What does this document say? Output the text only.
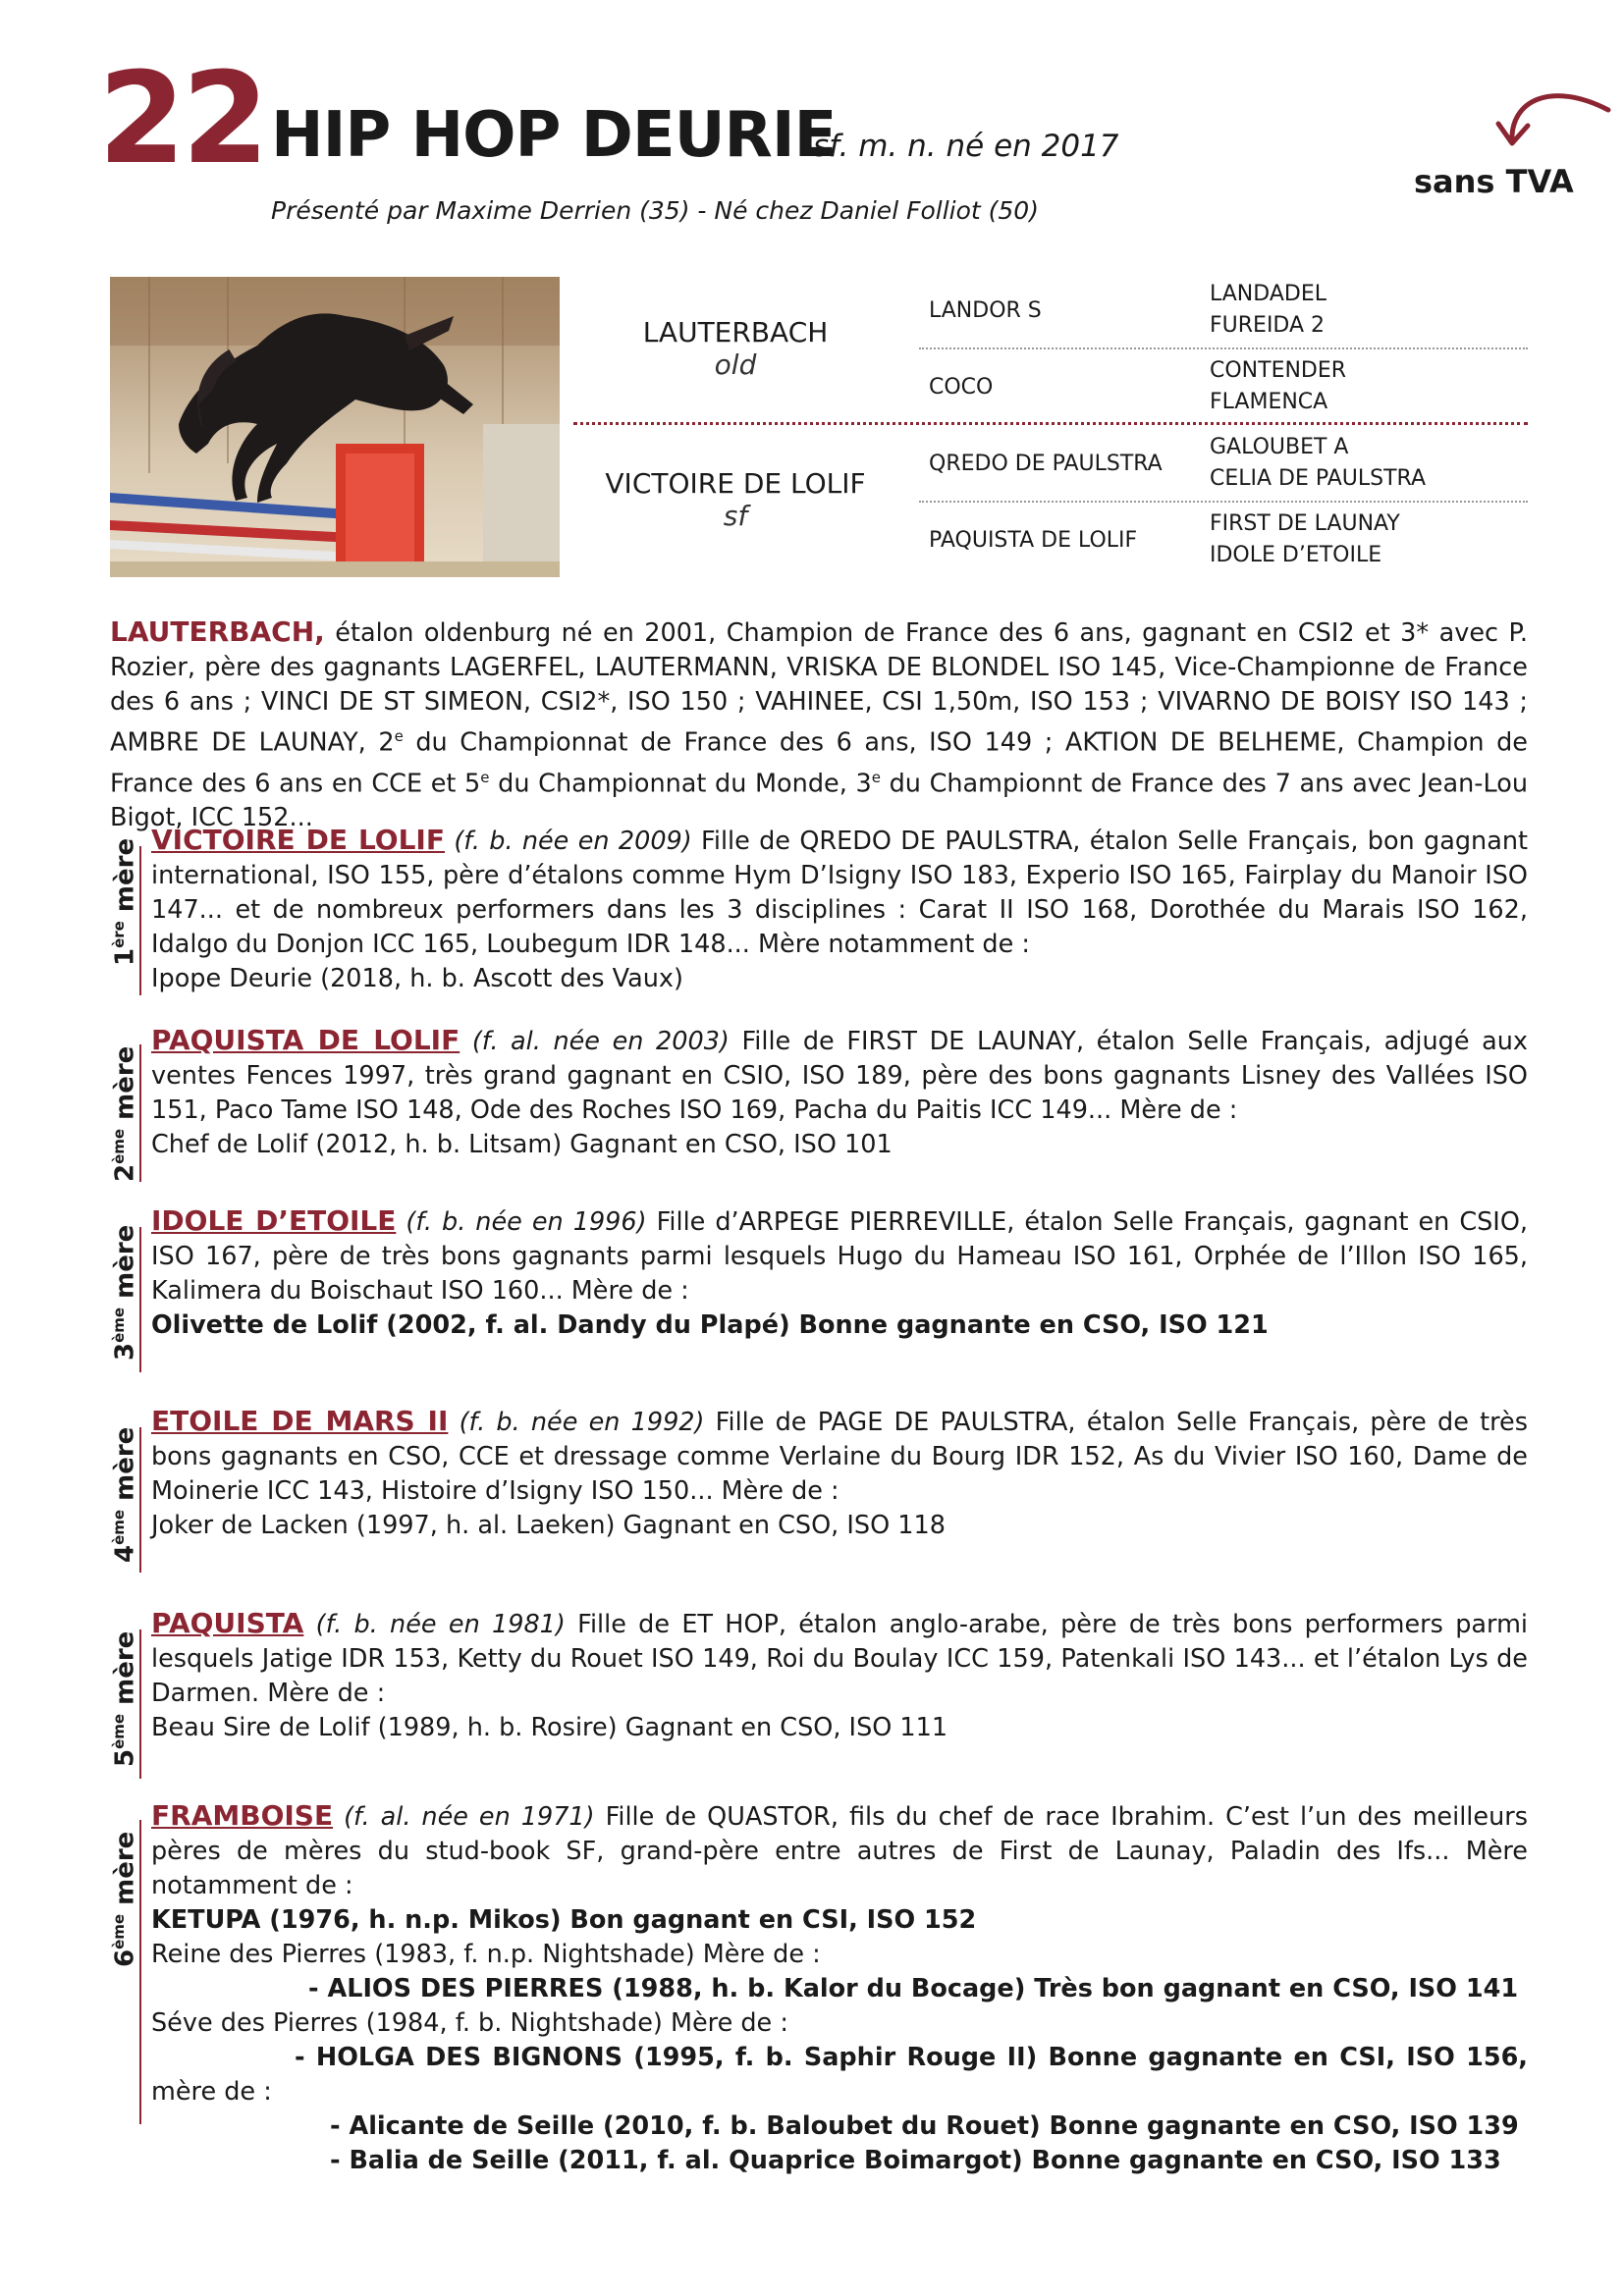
22 HIP HOP DEURIE
sf. m. n. né en 2017
Présenté par Maxime Derrien (35) - Né chez Daniel Folliot (50)
sans TVA
LAUTERBACH
old
VICTOIRE DE LOLIF
sf
LANDOR S
COCO
QREDO DE PAULSTRA
PAQUISTA DE LOLIF
LANDADEL
FUREIDA 2
CONTENDER
FLAMENCA
GALOUBET A
CELIA DE PAULSTRA
FIRST DE LAUNAY
IDOLE D’ETOILE
LAUTERBACH, étalon oldenburg né en 2001, Champion de France des 6 ans, gagnant en CSI2 et 3* avec P. Rozier, père des gagnants LAGERFEL, LAUTERMANN, VRISKA DE BLONDEL ISO 145, Vice-Championne de France des 6 ans ; VINCI DE ST SIMEON, CSI2*, ISO 150 ; VAHINEE, CSI 1,50m, ISO 153 ; VIVARNO DE BOISY ISO 143 ; AMBRE DE LAUNAY, 2e du Championnat de France des 6 ans, ISO 149 ; AKTION DE BELHEME, Champion de France des 6 ans en CCE et 5e du Championnat du Monde, 3e du Championnt de France des 7 ans avec Jean-Lou Bigot, ICC 152...
1ère mère VICTOIRE DE LOLIF (f. b. née en 2009) Fille de QREDO DE PAULSTRA, étalon Selle Français, bon gagnant international, ISO 155, père d’étalons comme Hym D’Isigny ISO 183, Experio ISO 165, Fairplay du Manoir ISO 147... et de nombreux performers dans les 3 disciplines : Carat II ISO 168, Dorothée du Marais ISO 162, Idalgo du Donjon ICC 165, Loubegum IDR 148... Mère notamment de :
Ipope Deurie (2018, h. b. Ascott des Vaux)
2ème mère
PAQUISTA DE LOLIF (f. al. née en 2003) Fille de FIRST DE LAUNAY, étalon Selle Français, adjugé aux ventes Fences 1997, très grand gagnant en CSIO, ISO 189, père des bons gagnants Lisney des Vallées ISO 151, Paco Tame ISO 148, Ode des Roches ISO 169, Pacha du Paitis ICC 149... Mère de :
Chef de Lolif (2012, h. b. Litsam) Gagnant en CSO, ISO 101
3ème mère
IDOLE D’ETOILE (f. b. née en 1996) Fille d’ARPEGE PIERREVILLE, étalon Selle Français, gagnant en CSIO, ISO 167, père de très bons gagnants parmi lesquels Hugo du Hameau ISO 161, Orphée de l’Illon ISO 165, Kalimera du Boischaut ISO 160... Mère de :
Olivette de Lolif (2002, f. al. Dandy du Plapé) Bonne gagnante en CSO, ISO 121
4ème mère
ETOILE DE MARS II (f. b. née en 1992) Fille de PAGE DE PAULSTRA, étalon Selle Français, père de très bons gagnants en CSO, CCE et dressage comme Verlaine du Bourg IDR 152, As du Vivier ISO 160, Dame de Moinerie ICC 143, Histoire d’Isigny ISO 150... Mère de :
Joker de Lacken (1997, h. al. Laeken) Gagnant en CSO, ISO 118
5ème mère
PAQUISTA (f. b. née en 1981) Fille de ET HOP, étalon anglo-arabe, père de très bons performers parmi lesquels Jatige IDR 153, Ketty du Rouet ISO 149, Roi du Boulay ICC 159, Patenkali ISO 143... et l’étalon Lys de Darmen. Mère de :
Beau Sire de Lolif (1989, h. b. Rosire) Gagnant en CSO, ISO 111
6ème mère
FRAMBOISE (f. al. née en 1971) Fille de QUASTOR, fils du chef de race Ibrahim. C’est l’un des meilleurs pères de mères du stud-book SF, grand-père entre autres de First de Launay, Paladin des Ifs... Mère notamment de :
KETUPA (1976, h. n.p. Mikos) Bon gagnant en CSI, ISO 152
Reine des Pierres (1983, f. n.p. Nightshade) Mère de :
- ALIOS DES PIERRES (1988, h. b. Kalor du Bocage) Très bon gagnant en CSO, ISO 141
Séve des Pierres (1984, f. b. Nightshade) Mère de :
- HOLGA DES BIGNONS (1995, f. b. Saphir Rouge II) Bonne gagnante en CSI, ISO 156, mère de :
- Alicante de Seille (2010, f. b. Baloubet du Rouet) Bonne gagnante en CSO, ISO 139
- Balia de Seille (2011, f. al. Quaprice Boimargot) Bonne gagnante en CSO, ISO 133
